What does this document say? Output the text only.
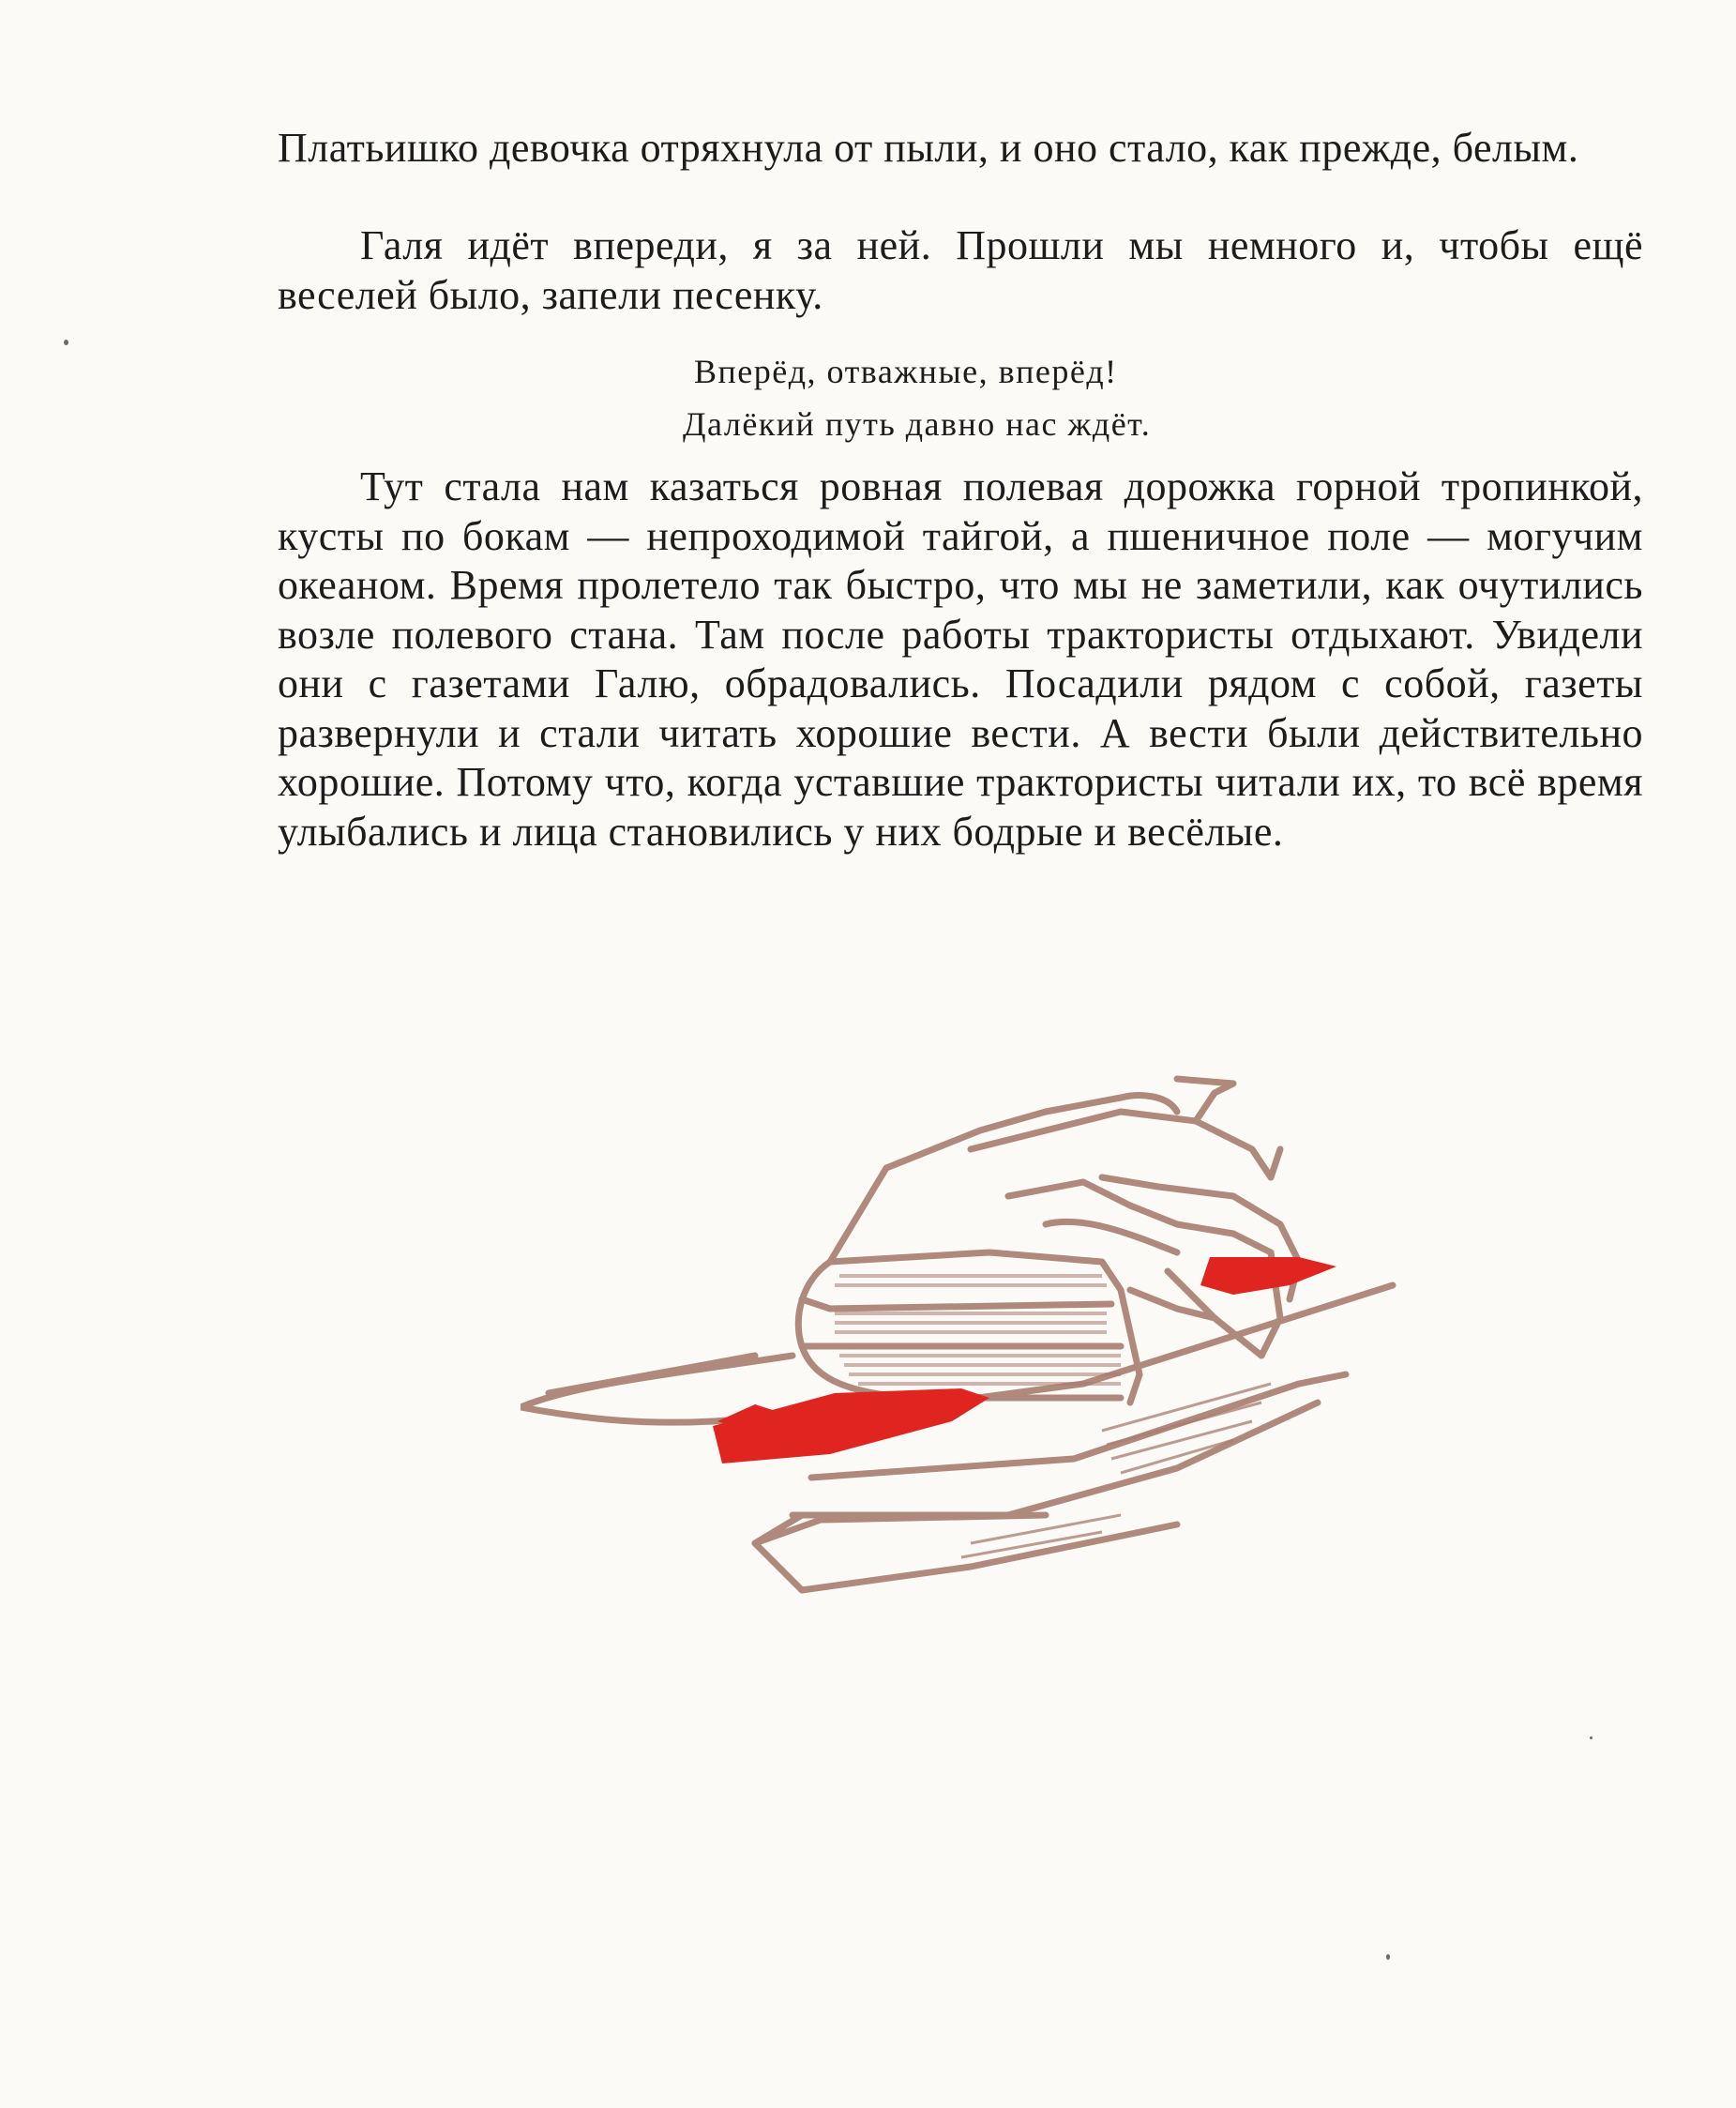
Платьишко девочка отряхнула от пыли, и оно стало, как прежде, белым.

Галя идёт впереди, я за ней. Прошли мы немного и, чтобы ещё веселей было, запели песенку.

Вперёд, отважные, вперёд!
Далёкий путь давно нас ждёт.

Тут стала нам казаться ровная полевая дорожка горной тропинкой, кусты по бокам — непроходимой тайгой, а пшеничное поле — могучим океаном. Время пролетело так быстро, что мы не заметили, как очутились возле полевого стана. Там после работы трактористы отдыхают. Увидели они с газетами Галю, обрадовались. Посадили рядом с собой, газеты развернули и стали читать хорошие вести. А вести были действительно хорошие. Потому что, когда уставшие трактористы читали их, то всё время улыбались и лица становились у них бодрые и весёлые.
